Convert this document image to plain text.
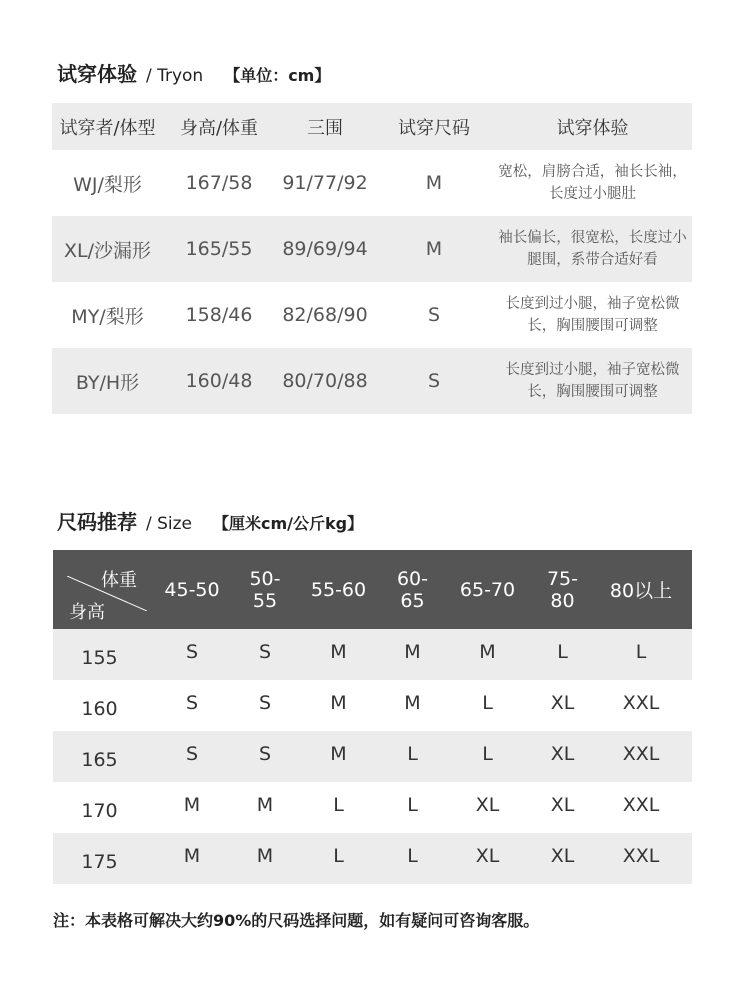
试穿体验 / Tryon 【单位：cm】
试穿者/体型	身高/体重	三围	试穿尺码	试穿体验
WJ/梨形	167/58	91/77/92	M	宽松，肩膀合适，袖长长袖，长度过小腿肚
XL/沙漏形	165/55	89/69/94	M	袖长偏长，很宽松，长度过小腿围，系带合适好看
MY/梨形	158/46	82/68/90	S	长度到过小腿，袖子宽松微长，胸围腰围可调整
BY/H形	160/48	80/70/88	S	长度到过小腿，袖子宽松微长，胸围腰围可调整
尺码推荐 / Size 【厘米cm/公斤kg】
体重
身高
45-50	50-55	55-60	60-65	65-70	75-80	80以上
155	S	S	M	M	M	L	L
160	S	S	M	M	L	XL	XXL
165	S	S	M	L	L	XL	XXL
170	M	M	L	L	XL	XL	XXL
175	M	M	L	L	XL	XL	XXL
注：本表格可解决大约90%的尺码选择问题，如有疑问可咨询客服。
